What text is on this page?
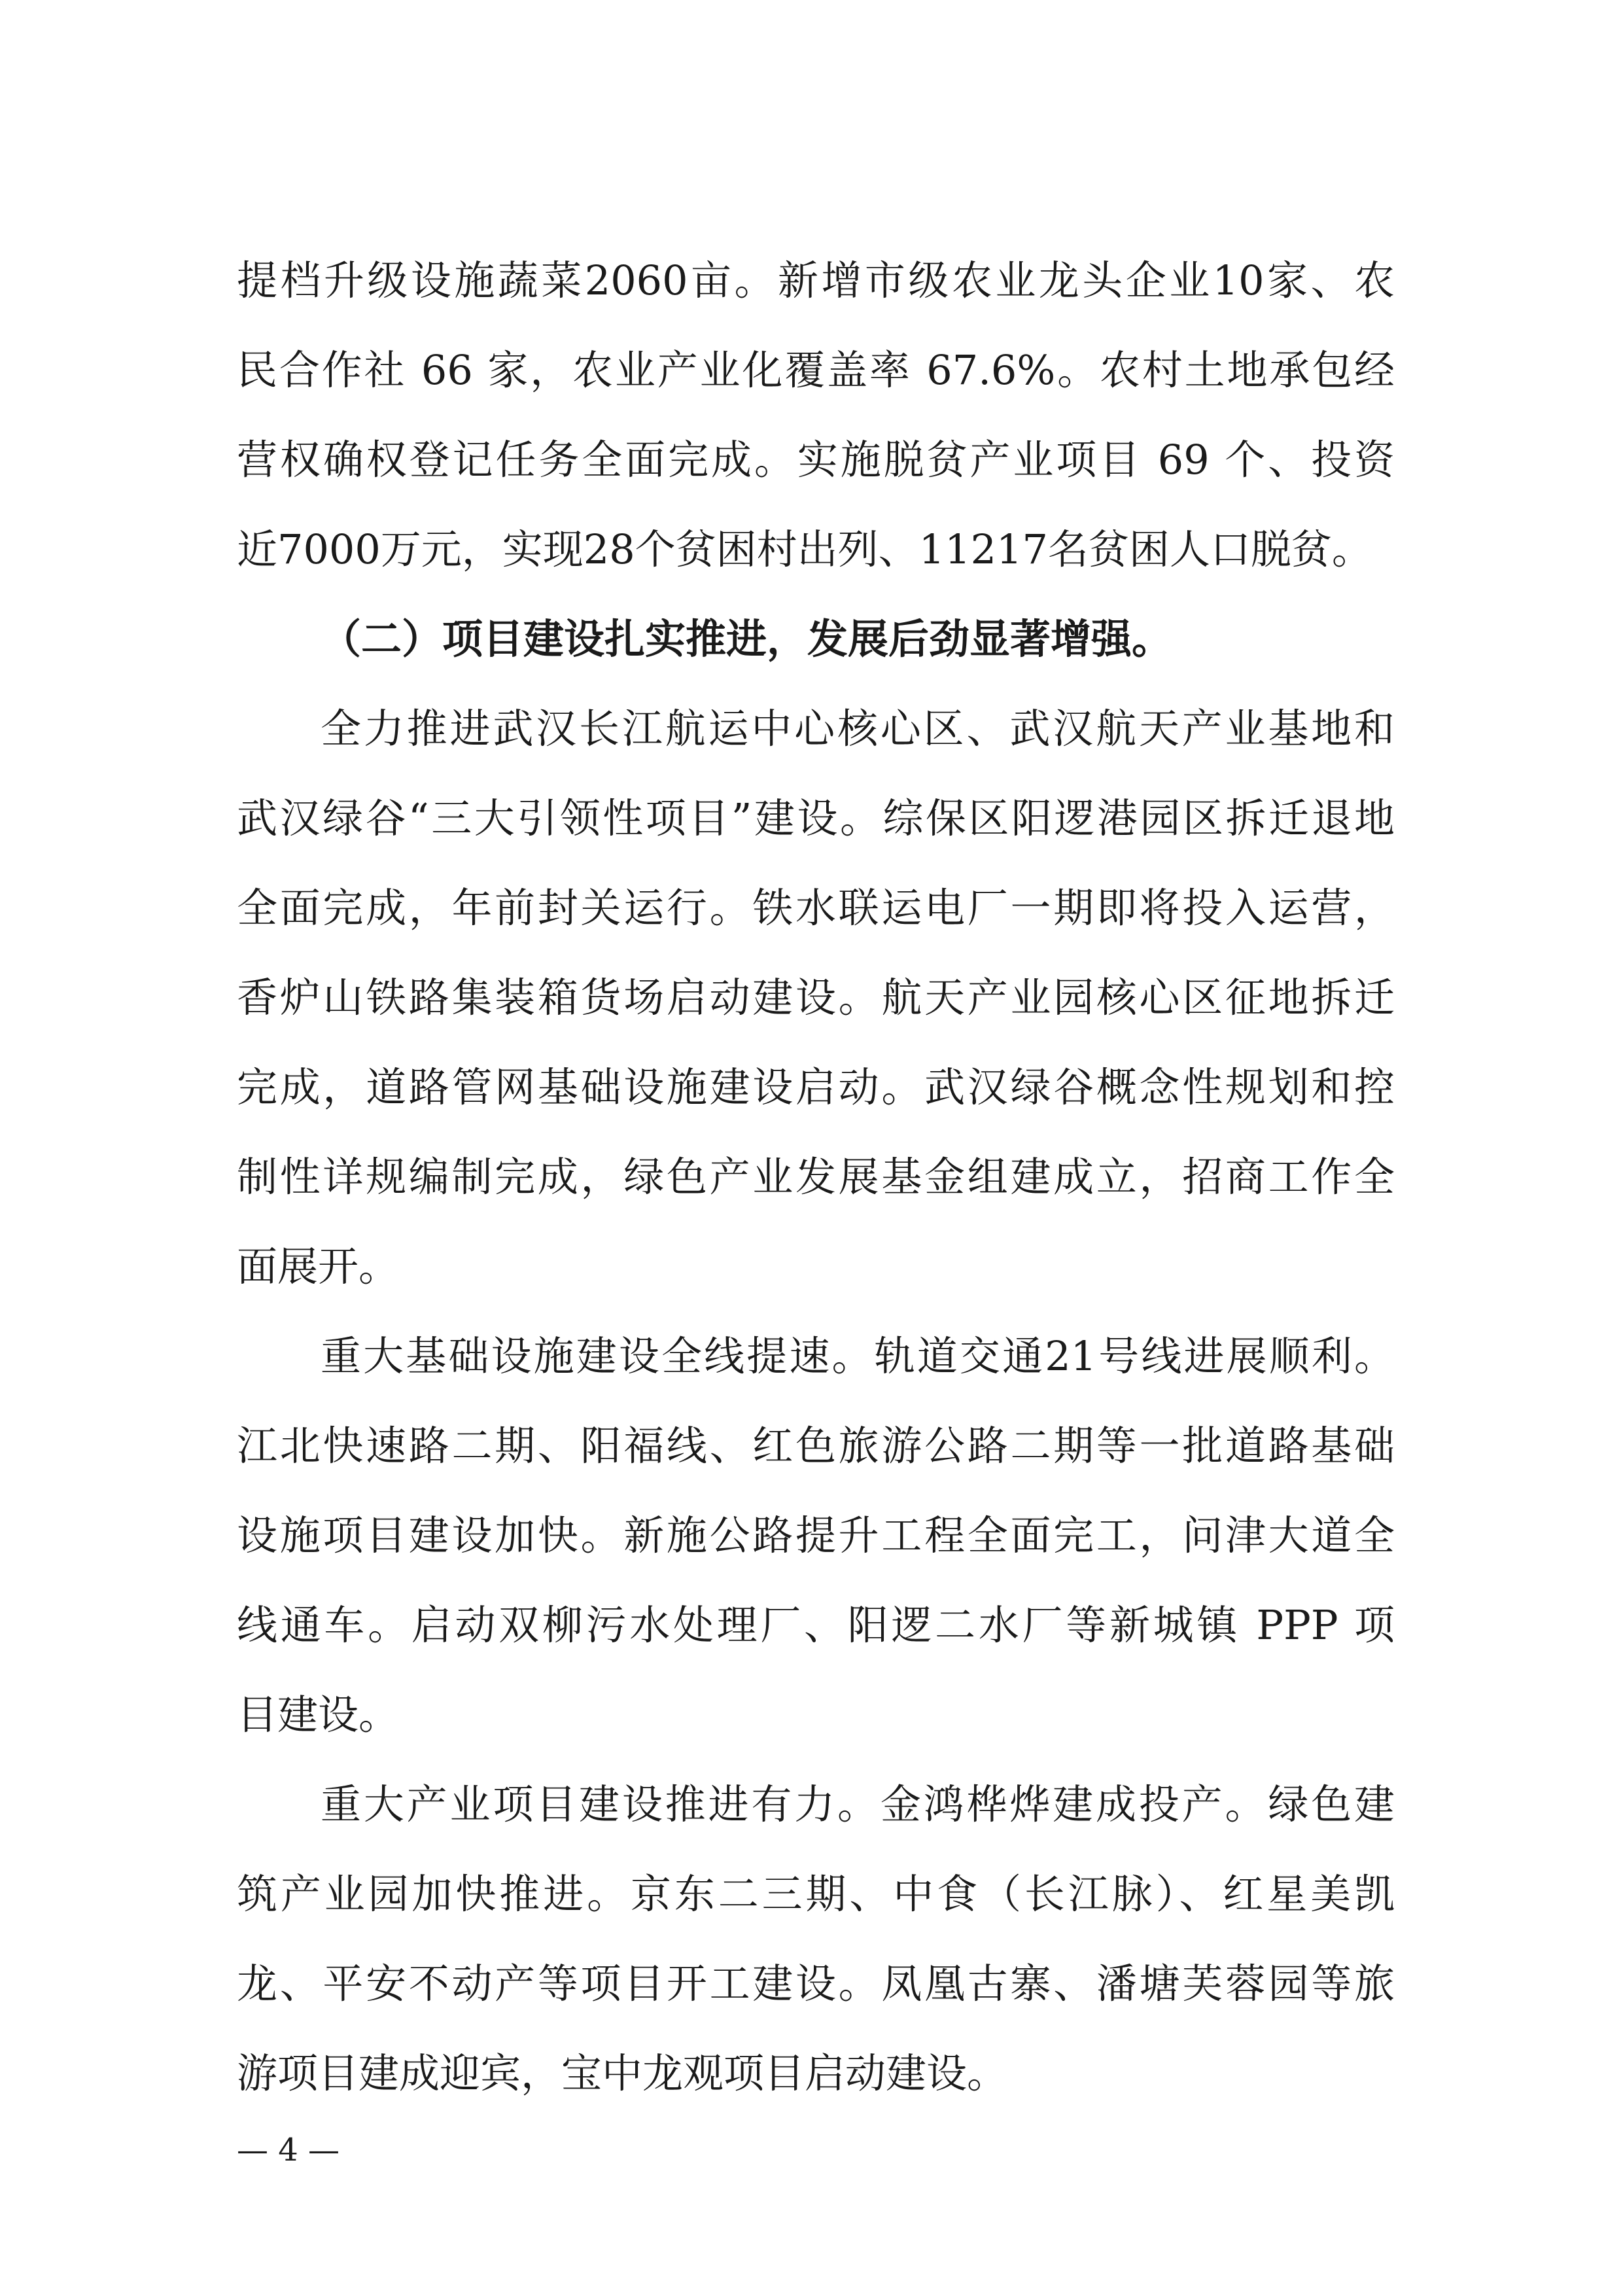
提档升级设施蔬菜2060亩。新增市级农业龙头企业10家、农
民合作社 66 家，农业产业化覆盖率 67.6%。农村土地承包经
营权确权登记任务全面完成。实施脱贫产业项目 69 个、投资
近7000万元，实现28个贫困村出列、11217名贫困人口脱贫。
（二）项目建设扎实推进，发展后劲显著增强。
全力推进武汉长江航运中心核心区、武汉航天产业基地和
武汉绿谷“三大引领性项目”建设。综保区阳逻港园区拆迁退地
全面完成，年前封关运行。铁水联运电厂一期即将投入运营，
香炉山铁路集装箱货场启动建设。航天产业园核心区征地拆迁
完成，道路管网基础设施建设启动。武汉绿谷概念性规划和控
制性详规编制完成，绿色产业发展基金组建成立，招商工作全
面展开。
重大基础设施建设全线提速。轨道交通21号线进展顺利。
江北快速路二期、阳福线、红色旅游公路二期等一批道路基础
设施项目建设加快。新施公路提升工程全面完工，问津大道全
线通车。启动双柳污水处理厂、阳逻二水厂等新城镇 PPP 项
目建设。
重大产业项目建设推进有力。金鸿桦烨建成投产。绿色建
筑产业园加快推进。京东二三期、中食（长江脉）、红星美凯
龙、平安不动产等项目开工建设。凤凰古寨、潘塘芙蓉园等旅
游项目建成迎宾，宝中龙观项目启动建设。
— 4 —
